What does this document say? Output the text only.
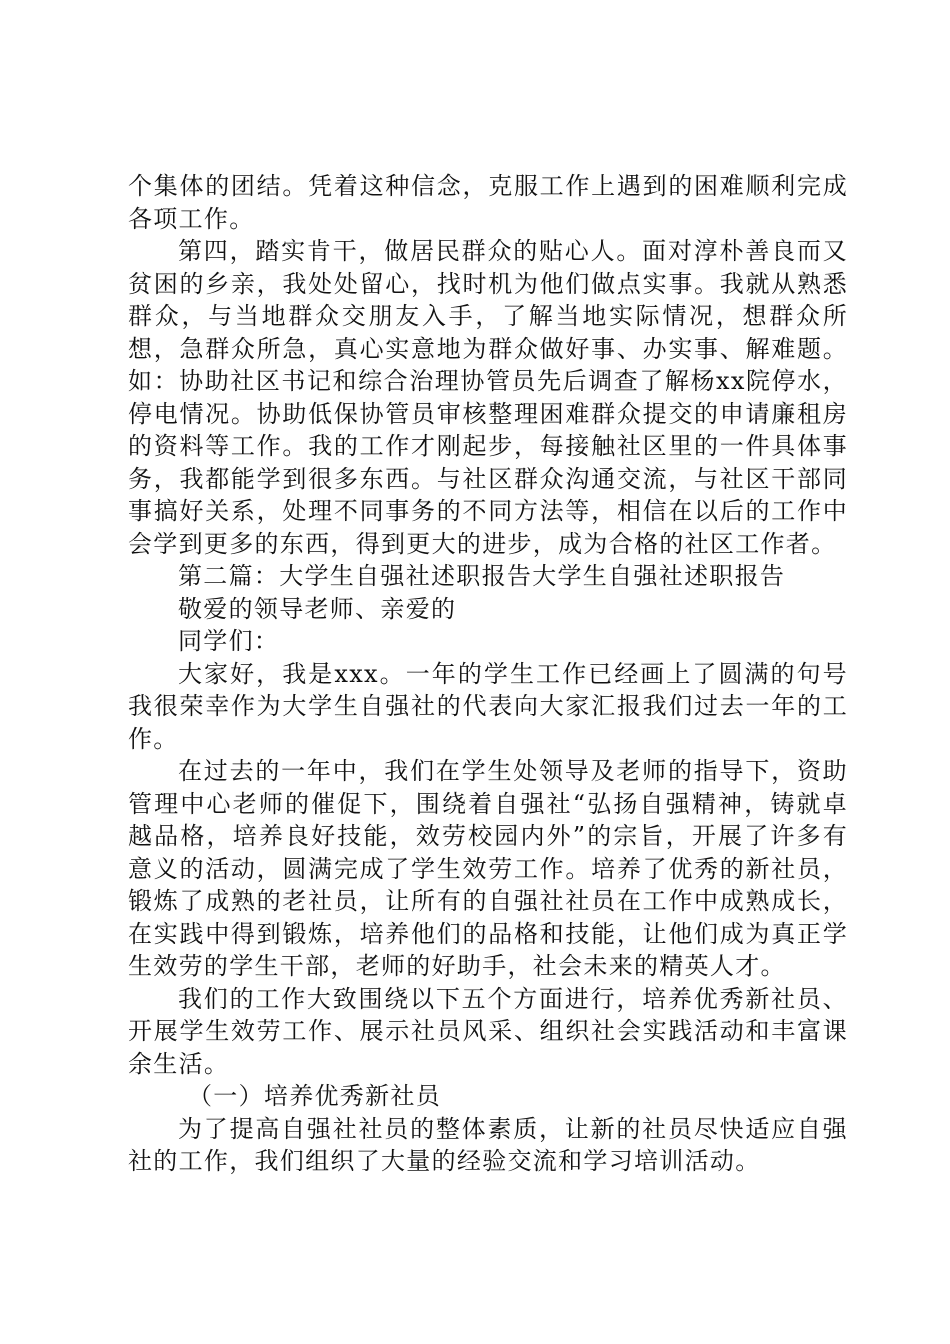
个集体的团结。凭着这种信念，克服工作上遇到的困难顺利完成各项工作。

第四，踏实肯干，做居民群众的贴心人。面对淳朴善良而又贫困的乡亲，我处处留心，找时机为他们做点实事。我就从熟悉群众，与当地群众交朋友入手，了解当地实际情况，想群众所想，急群众所急，真心实意地为群众做好事、办实事、解难题。如：协助社区书记和综合治理协管员先后调查了解杨xx院停水，停电情况。协助低保协管员审核整理困难群众提交的申请廉租房的资料等工作。我的工作才刚起步，每接触社区里的一件具体事务，我都能学到很多东西。与社区群众沟通交流，与社区干部同事搞好关系，处理不同事务的不同方法等，相信在以后的工作中会学到更多的东西，得到更大的进步，成为合格的社区工作者。

第二篇：大学生自强社述职报告大学生自强社述职报告

敬爱的领导老师、亲爱的

同学们：

大家好，我是xxx。一年的学生工作已经画上了圆满的句号我很荣幸作为大学生自强社的代表向大家汇报我们过去一年的工作。

在过去的一年中，我们在学生处领导及老师的指导下，资助管理中心老师的催促下，围绕着自强社“弘扬自强精神，铸就卓越品格，培养良好技能，效劳校园内外”的宗旨，开展了许多有意义的活动，圆满完成了学生效劳工作。培养了优秀的新社员，锻炼了成熟的老社员，让所有的自强社社员在工作中成熟成长，在实践中得到锻炼，培养他们的品格和技能，让他们成为真正学生效劳的学生干部，老师的好助手，社会未来的精英人才。

我们的工作大致围绕以下五个方面进行，培养优秀新社员、开展学生效劳工作、展示社员风采、组织社会实践活动和丰富课余生活。

（一）培养优秀新社员

为了提高自强社社员的整体素质，让新的社员尽快适应自强社的工作，我们组织了大量的经验交流和学习培训活动。
